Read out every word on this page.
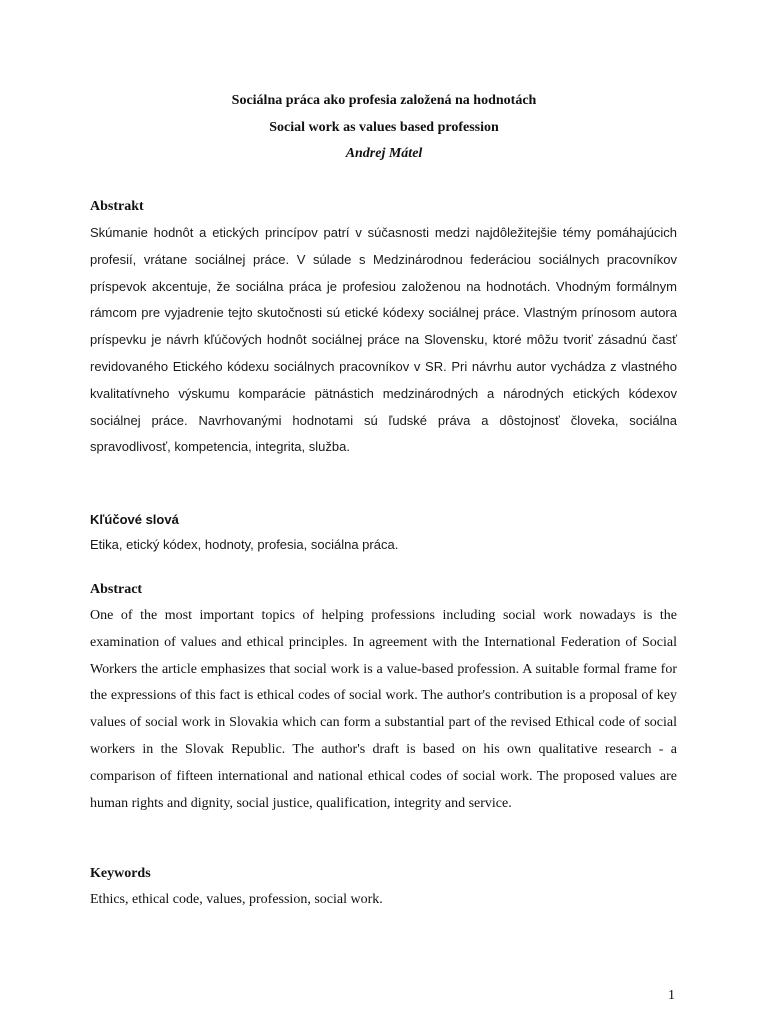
Sociálna práca ako profesia založená na hodnotách
Social work as values based profession
Andrej Mátel
Abstrakt
Skúmanie hodnôt a etických princípov patrí v súčasnosti medzi najdôležitejšie témy pomáhajúcich profesií, vrátane sociálnej práce. V súlade s Medzinárodnou federáciou sociálnych pracovníkov príspevok akcentuje, že sociálna práca je profesiou založenou na hodnotách. Vhodným formálnym rámcom pre vyjadrenie tejto skutočnosti sú etické kódexy sociálnej práce. Vlastným prínosom autora príspevku je návrh kľúčových hodnôt sociálnej práce na Slovensku, ktoré môžu tvoriť zásadnú časť revidovaného Etického kódexu sociálnych pracovníkov v SR. Pri návrhu autor vychádza z vlastného kvalitatívneho výskumu komparácie pätnástich medzinárodných a národných etických kódexov sociálnej práce. Navrhovanými hodnotami sú ľudské práva a dôstojnosť človeka, sociálna spravodlivosť, kompetencia, integrita, služba.
Kľúčové slová
Etika, etický kódex, hodnoty, profesia, sociálna práca.
Abstract
One of the most important topics of helping professions including social work nowadays is the examination of values and ethical principles. In agreement with the International Federation of Social Workers the article emphasizes that social work is a value-based profession. A suitable formal frame for the expressions of this fact is ethical codes of social work. The author's contribution is a proposal of key values of social work in Slovakia which can form a substantial part of the revised Ethical code of social workers in the Slovak Republic. The author's draft is based on his own qualitative research - a comparison of fifteen international and national ethical codes of social work. The proposed values are human rights and dignity, social justice, qualification, integrity and service.
Keywords
Ethics, ethical code, values, profession, social work.
1
